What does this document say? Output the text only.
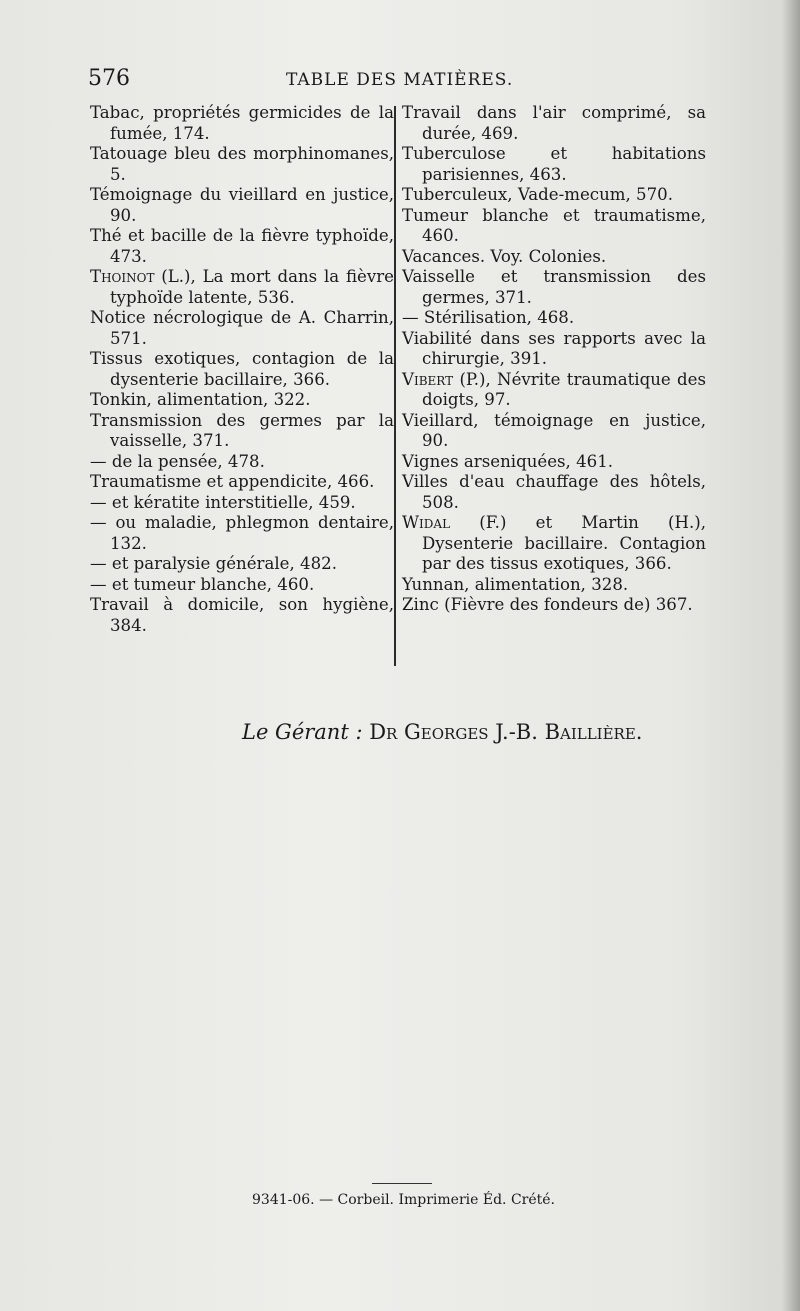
576	TABLE DES MATIÈRES.

Tabac, propriétés germicides de la fumée, 174.

Tatouage bleu des morphinomanes, 5.

Témoignage du vieillard en justice, 90.

Thé et bacille de la fièvre typhoïde, 473.

Thoinot (L.), La mort dans la fièvre typhoïde latente, 536.

Notice nécrologique de A. Charrin, 571.

Tissus exotiques, contagion de la dysenterie bacillaire, 366.

Tonkin, alimentation, 322.

Transmission des germes par la vaisselle, 371.

— de la pensée, 478.

Traumatisme et appendicite, 466.

— et kératite interstitielle, 459.

— ou maladie, phlegmon dentaire, 132.

— et paralysie générale, 482.

— et tumeur blanche, 460.

Travail à domicile, son hygiène, 384.

Travail dans l'air comprimé, sa durée, 469.

Tuberculose et habitations parisiennes, 463.

Tuberculeux, Vade-mecum, 570.

Tumeur blanche et traumatisme, 460.

Vacances. Voy. Colonies.

Vaisselle et transmission des germes, 371.

— Stérilisation, 468.

Viabilité dans ses rapports avec la chirurgie, 391.

Vibert (P.), Névrite traumatique des doigts, 97.

Vieillard, témoignage en justice, 90.

Vignes arseniquées, 461.

Villes d'eau chauffage des hôtels, 508.

Widal (F.) et Martin (H.), Dysenterie bacillaire. Contagion par des tissus exotiques, 366.

Yunnan, alimentation, 328.

Zinc (Fièvre des fondeurs de) 367.

Le Gérant : Dr Georges J.-B. Baillière.
9341-06. — Corbeil. Imprimerie Éd. Crété.
